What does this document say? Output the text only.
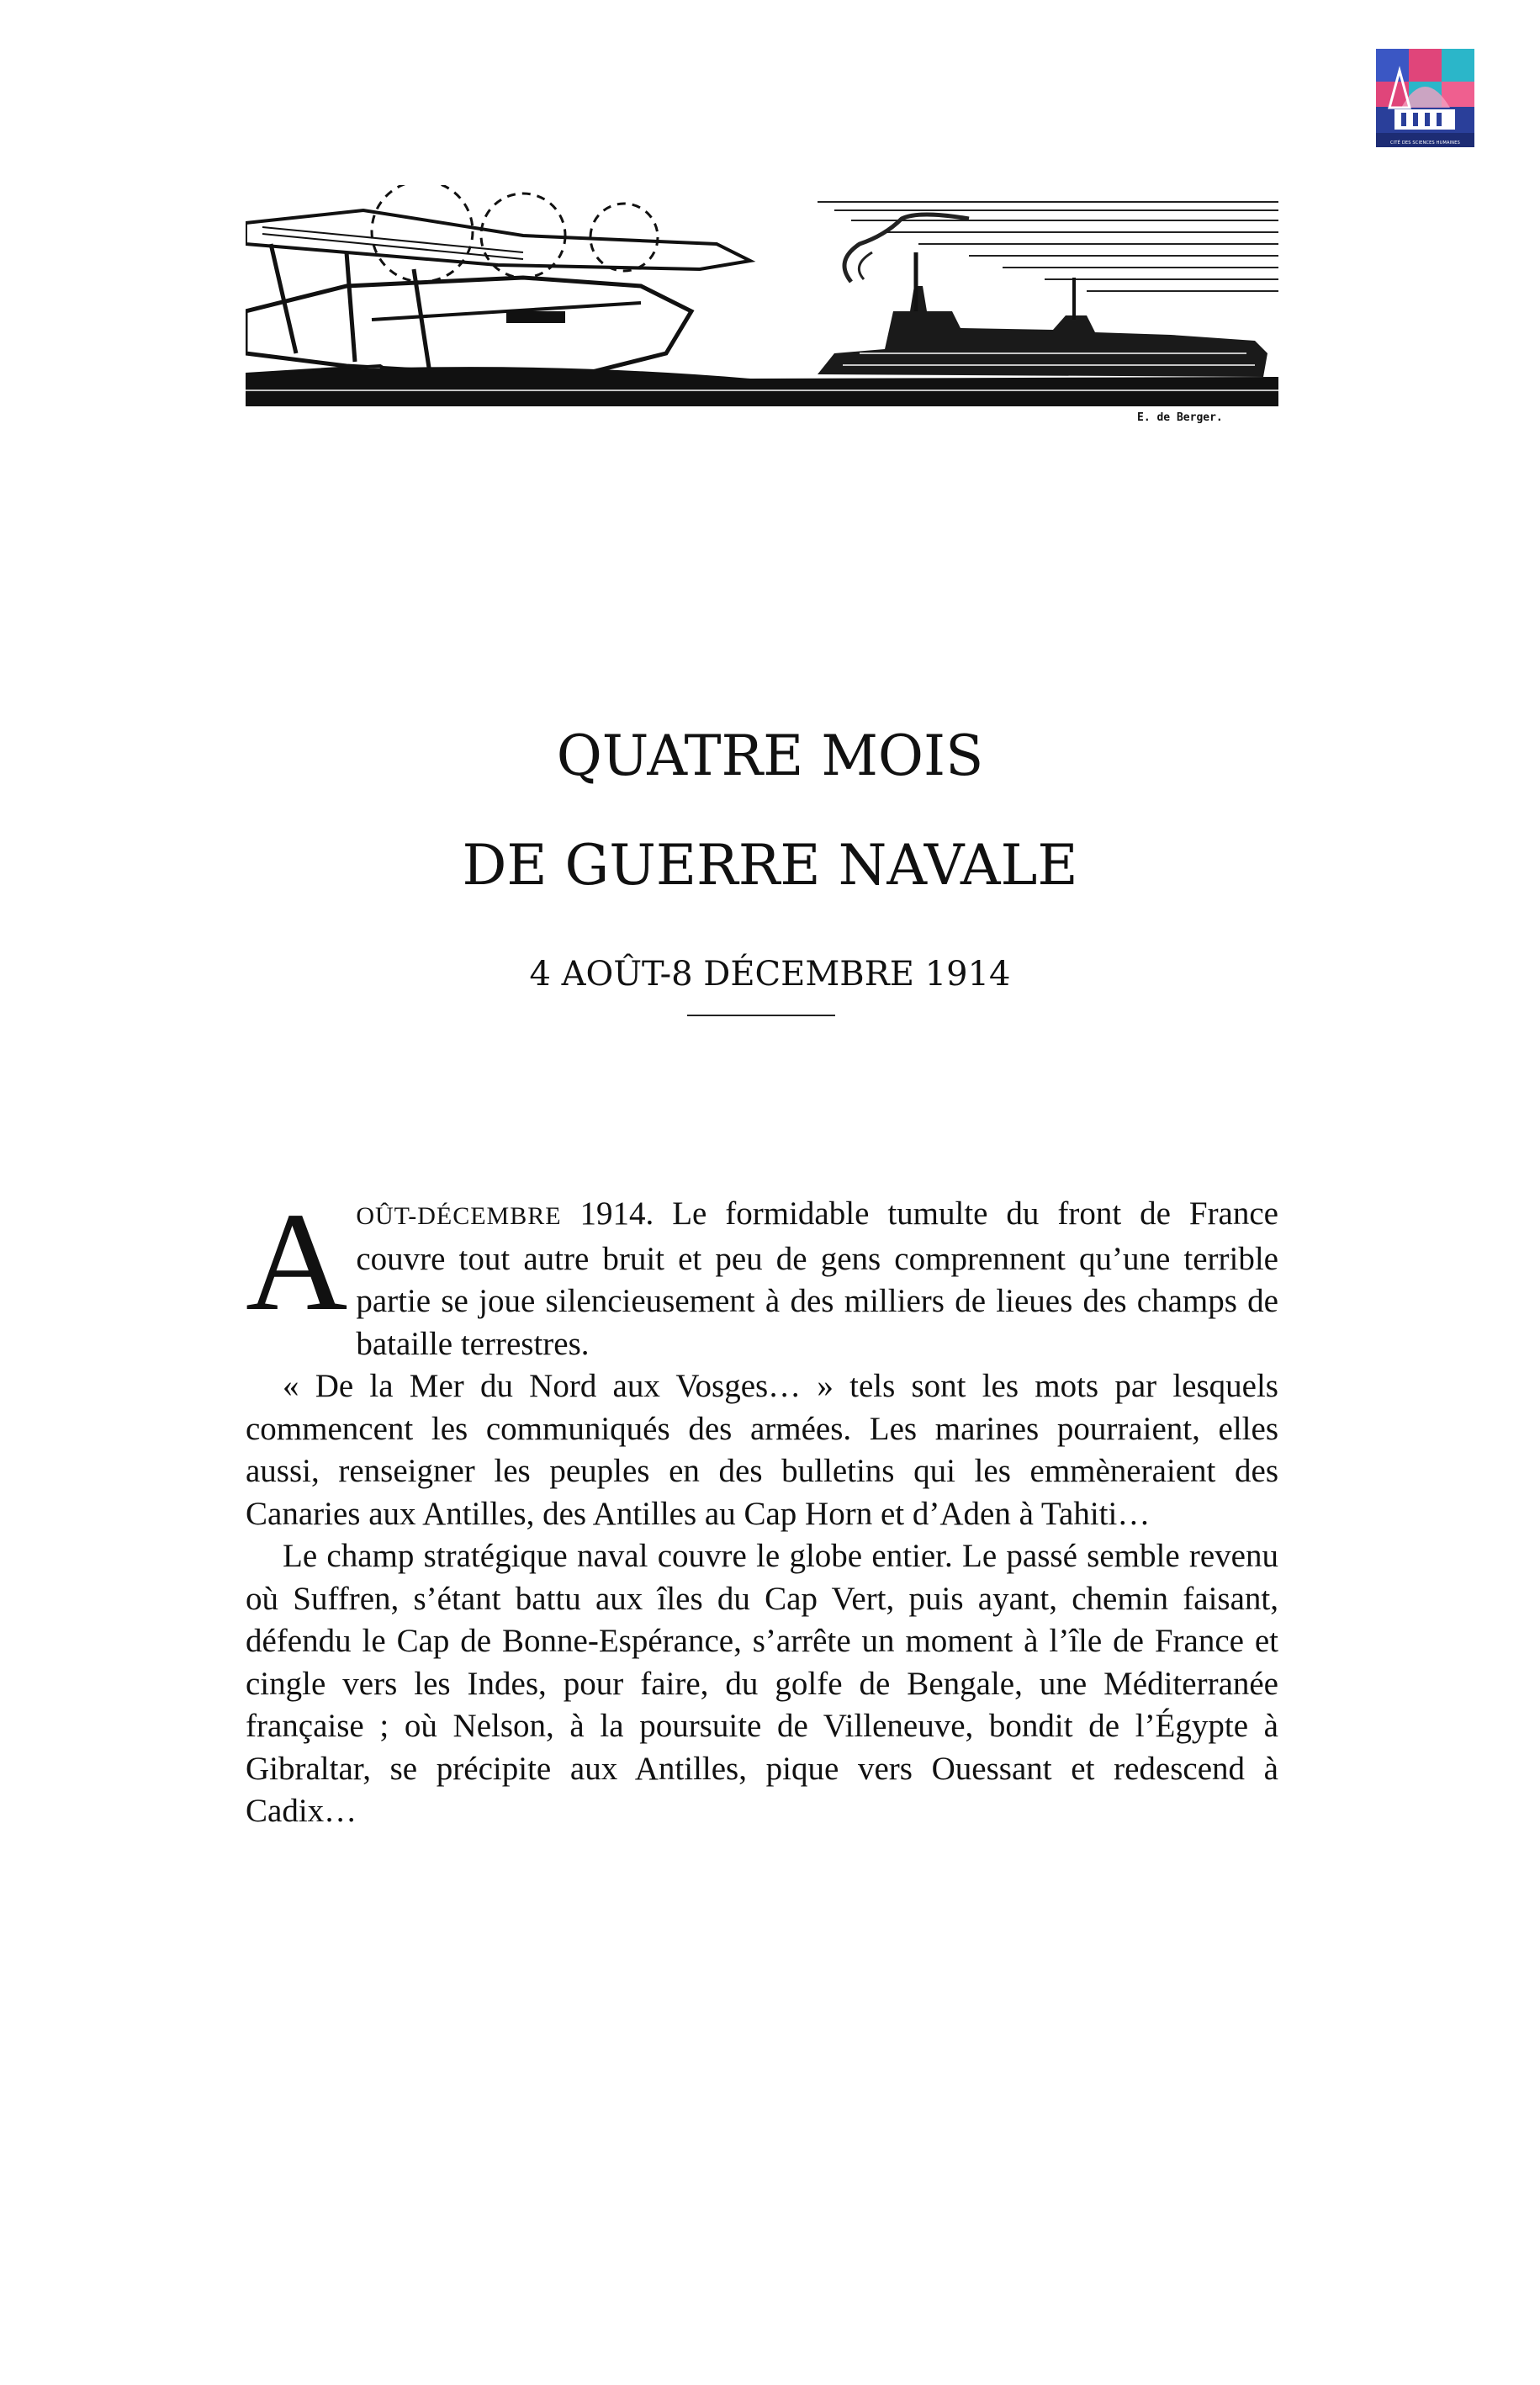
CITÉ DES SCIENCES HUMAINES
E. de Berger.
QUATRE MOIS
DE GUERRE NAVALE
4 AOÛT-8 DÉCEMBRE 1914

AOÛT-DÉCEMBRE 1914. Le formidable tumulte du front de France couvre tout autre bruit et peu de gens comprennent qu’une terrible partie se joue silencieusement à des milliers de lieues des champs de bataille terrestres.

« De la Mer du Nord aux Vosges… » tels sont les mots par lesquels commencent les communiqués des armées. Les marines pourraient, elles aussi, renseigner les peuples en des bulletins qui les emmèneraient des Canaries aux Antilles, des Antilles au Cap Horn et d’Aden à Tahiti…

Le champ stratégique naval couvre le globe entier. Le passé semble revenu où Suffren, s’étant battu aux îles du Cap Vert, puis ayant, chemin faisant, défendu le Cap de Bonne-Espérance, s’arrête un moment à l’île de France et cingle vers les Indes, pour faire, du golfe de Bengale, une Méditerranée française ; où Nelson, à la poursuite de Villeneuve, bondit de l’Égypte à Gibraltar, se précipite aux Antilles, pique vers Ouessant et redescend à Cadix…
